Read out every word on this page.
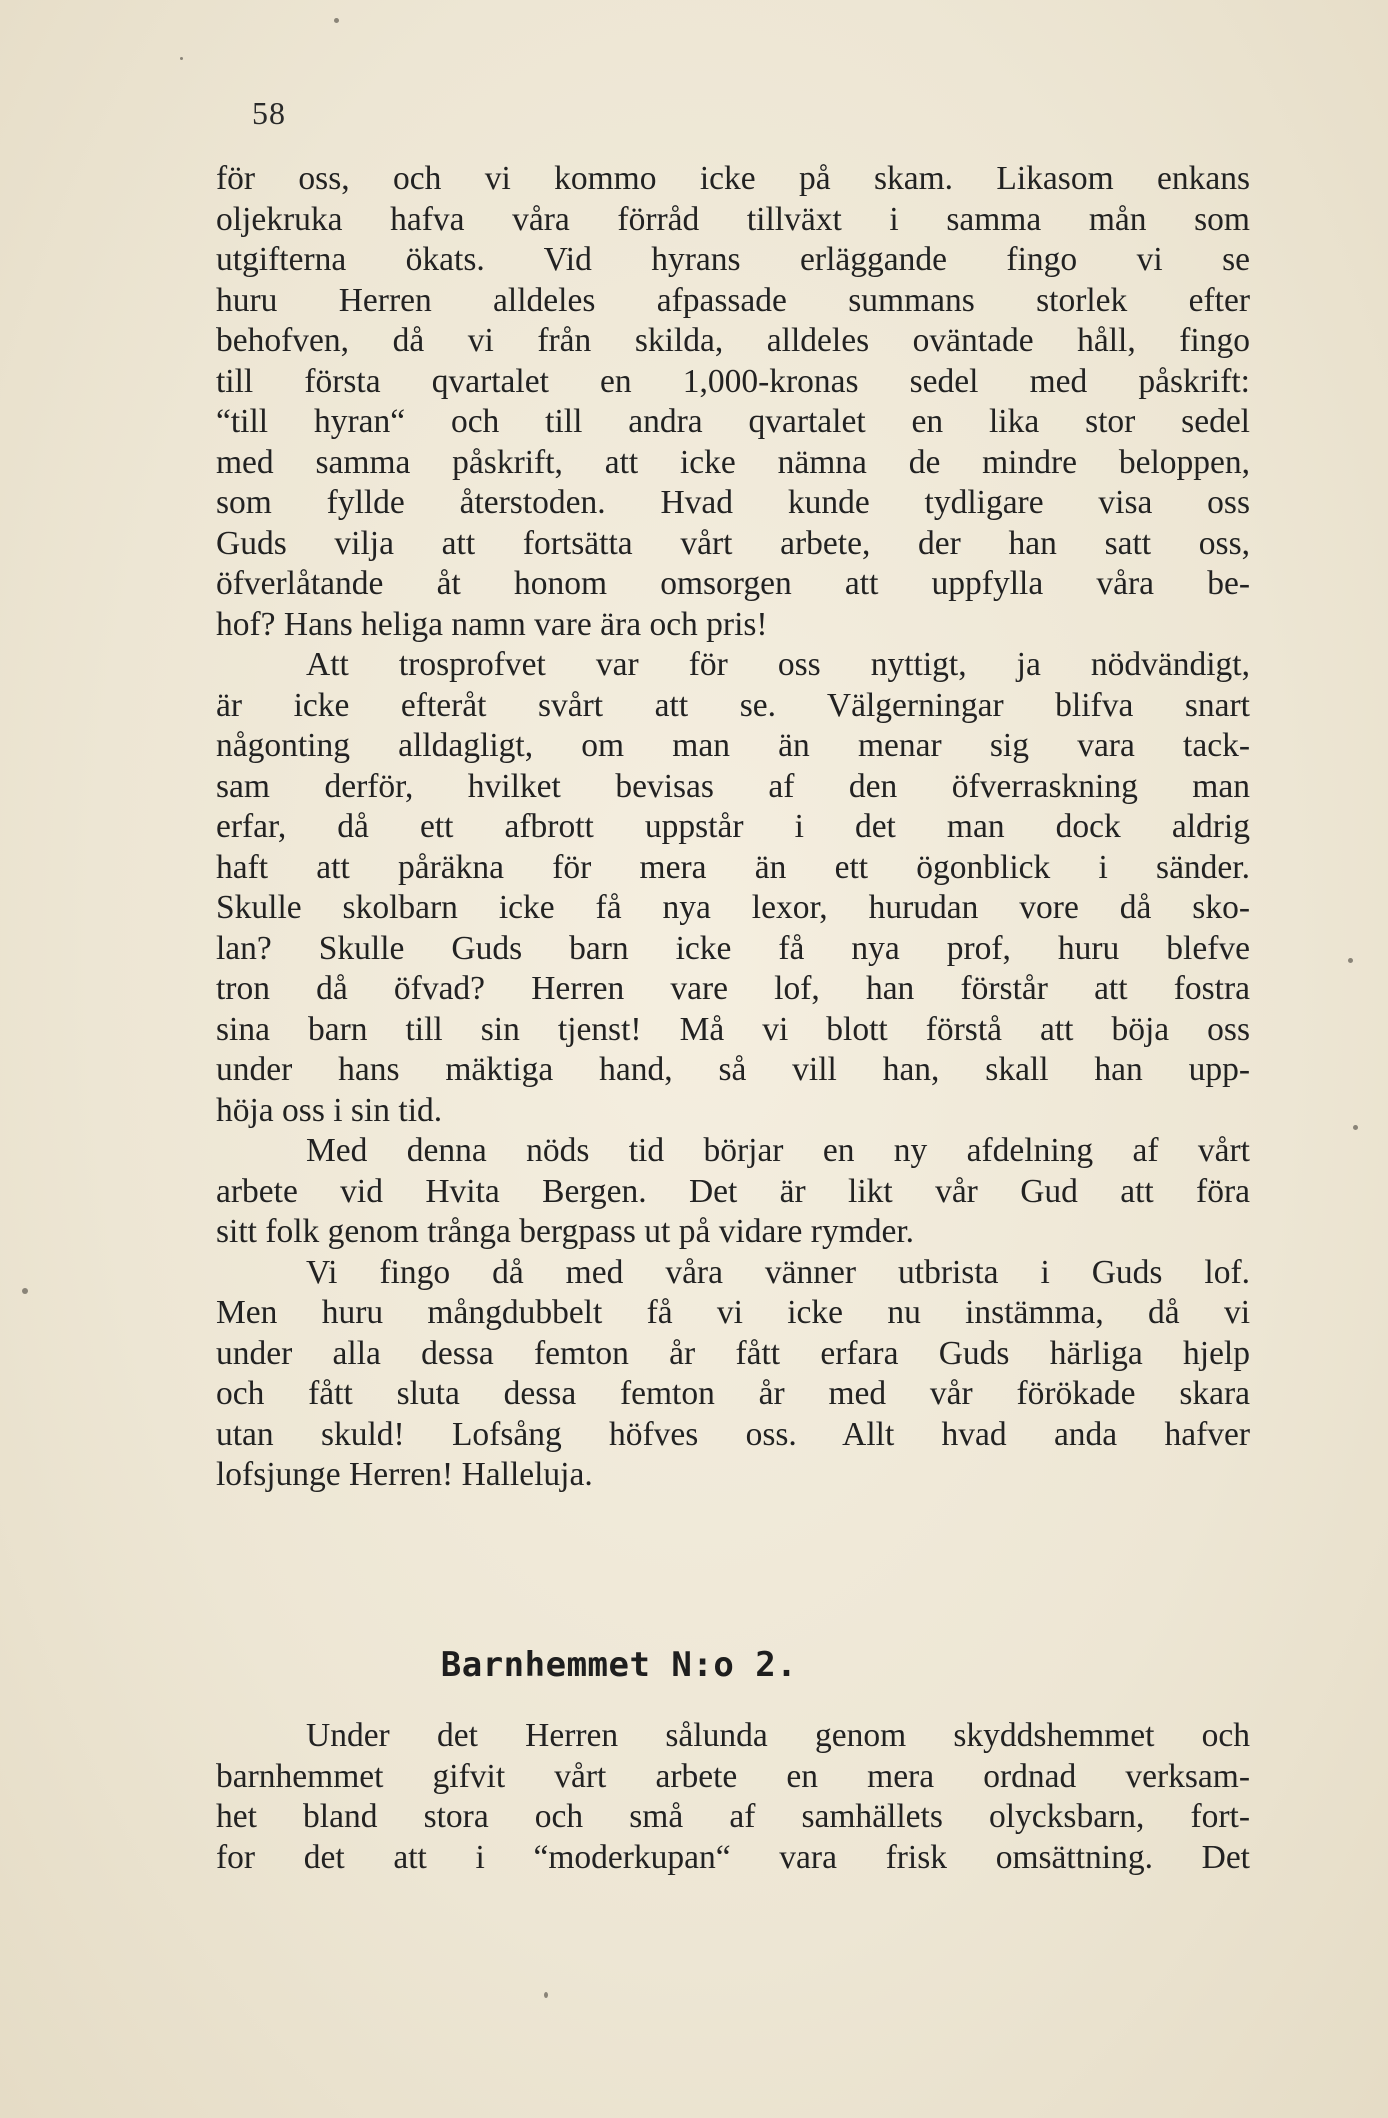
58
för oss, och vi kommo icke på skam. Likasom enkans
oljekruka hafva våra förråd tillväxt i samma mån som
utgifterna ökats. Vid hyrans erläggande fingo vi se
huru Herren alldeles afpassade summans storlek efter
behofven, då vi från skilda, alldeles oväntade håll, fingo
till första qvartalet en 1,000-kronas sedel med påskrift:
“till hyran“ och till andra qvartalet en lika stor sedel
med samma påskrift, att icke nämna de mindre beloppen,
som fyllde återstoden. Hvad kunde tydligare visa oss
Guds vilja att fortsätta vårt arbete, der han satt oss,
öfverlåtande åt honom omsorgen att uppfylla våra be-
hof? Hans heliga namn vare ära och pris!
Att trosprofvet var för oss nyttigt, ja nödvändigt,
är icke efteråt svårt att se. Välgerningar blifva snart
någonting alldagligt, om man än menar sig vara tack-
sam derför, hvilket bevisas af den öfverraskning man
erfar, då ett afbrott uppstår i det man dock aldrig
haft att påräkna för mera än ett ögonblick i sänder.
Skulle skolbarn icke få nya lexor, hurudan vore då sko-
lan? Skulle Guds barn icke få nya prof, huru blefve
tron då öfvad? Herren vare lof, han förstår att fostra
sina barn till sin tjenst! Må vi blott förstå att böja oss
under hans mäktiga hand, så vill han, skall han upp-
höja oss i sin tid.
Med denna nöds tid börjar en ny afdelning af vårt
arbete vid Hvita Bergen. Det är likt vår Gud att föra
sitt folk genom trånga bergpass ut på vidare rymder.
Vi fingo då med våra vänner utbrista i Guds lof.
Men huru mångdubbelt få vi icke nu instämma, då vi
under alla dessa femton år fått erfara Guds härliga hjelp
och fått sluta dessa femton år med vår förökade skara
utan skuld! Lofsång höfves oss. Allt hvad anda hafver
lofsjunge Herren! Halleluja.
Barnhemmet N:o 2.
Under det Herren sålunda genom skyddshemmet och
barnhemmet gifvit vårt arbete en mera ordnad verksam-
het bland stora och små af samhällets olycksbarn, fort-
for det att i “moderkupan“ vara frisk omsättning. Det
